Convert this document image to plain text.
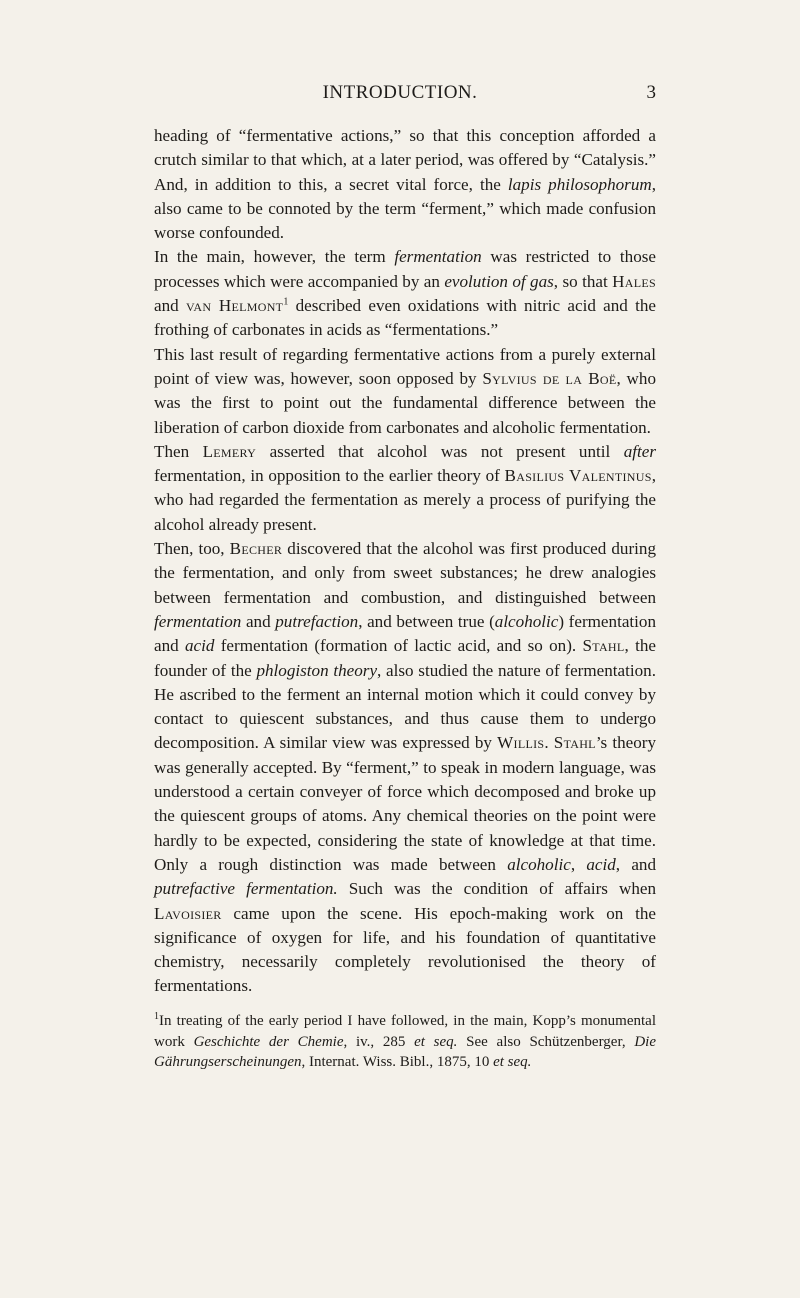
INTRODUCTION.	3

heading of “fermentative actions,” so that this conception afforded a crutch similar to that which, at a later period, was offered by “Catalysis.” And, in addition to this, a secret vital force, the lapis philosophorum, also came to be connoted by the term “ferment,” which made confusion worse confounded.

In the main, however, the term fermentation was restricted to those processes which were accompanied by an evolution of gas, so that Hales and van Helmont$^1$ described even oxidations with nitric acid and the frothing of carbonates in acids as “fermentations.”

This last result of regarding fermentative actions from a purely external point of view was, however, soon opposed by Sylvius de la Boë, who was the first to point out the fundamental difference between the liberation of carbon dioxide from carbonates and alcoholic fermentation.

Then Lemery asserted that alcohol was not present until after fermentation, in opposition to the earlier theory of Basilius Valentinus, who had regarded the fermentation as merely a process of purifying the alcohol already present.

Then, too, Becher discovered that the alcohol was first produced during the fermentation, and only from sweet substances; he drew analogies between fermentation and combustion, and distinguished between fermentation and putrefaction, and between true (alcoholic) fermentation and acid fermentation (formation of lactic acid, and so on). Stahl, the founder of the phlogiston theory, also studied the nature of fermentation. He ascribed to the ferment an internal motion which it could convey by contact to quiescent substances, and thus cause them to undergo decomposition. A similar view was expressed by Willis. Stahl’s theory was generally accepted. By “ferment,” to speak in modern language, was understood a certain conveyer of force which decomposed and broke up the quiescent groups of atoms. Any chemical theories on the point were hardly to be expected, considering the state of knowledge at that time. Only a rough distinction was made between alcoholic, acid, and putrefactive fermentation. Such was the condition of affairs when Lavoisier came upon the scene. His epoch-making work on the significance of oxygen for life, and his foundation of quantitative chemistry, necessarily completely revolutionised the theory of fermentations.

$^1$In treating of the early period I have followed, in the main, Kopp’s monumental work Geschichte der Chemie, iv., 285 et seq. See also Schützenberger, Die Gährungserscheinungen, Internat. Wiss. Bibl., 1875, 10 et seq.
